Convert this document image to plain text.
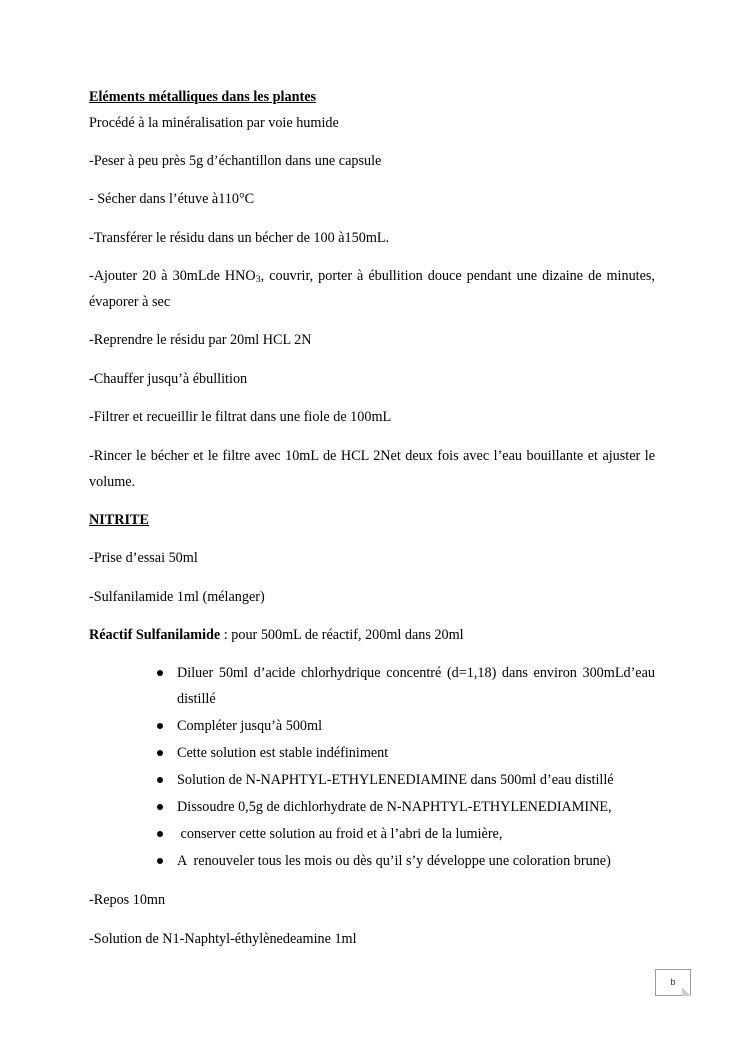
Eléments métalliques dans les plantes

Procédé à la minéralisation par voie humide

-Peser à peu près 5g d’échantillon dans une capsule

- Sécher dans l’étuve à110°C

-Transférer le résidu dans un bécher de 100 à150mL.

-Ajouter 20 à 30mLde $HNO_3$, couvrir, porter à ébullition douce pendant une dizaine de minutes, évaporer à sec

-Reprendre le résidu par 20ml HCL 2N

-Chauffer jusqu’à ébullition

-Filtrer et recueillir le filtrat dans une fiole de 100mL

-Rincer le bécher et le filtre avec 10mL de HCL 2Net deux fois avec l’eau bouillante et ajuster le volume.

NITRITE

-Prise d’essai 50ml

-Sulfanilamide 1ml (mélanger)

Réactif Sulfanilamide : pour 500mL de réactif, 200ml dans 20ml

Diluer 50ml d’acide chlorhydrique concentré (d=1,18) dans environ 300mLd’eau distillé
Compléter jusqu’à 500ml
Cette solution est stable indéfiniment
Solution de N-NAPHTYL-ETHYLENEDIAMINE dans 500ml d’eau distillé
Dissoudre 0,5g de dichlorhydrate de N-NAPHTYL-ETHYLENEDIAMINE,
conserver cette solution au froid et à l’abri de la lumière,
A  renouveler tous les mois ou dès qu’il s’y développe une coloration brune)

-Repos 10mn

-Solution de N1-Naphtyl-éthylènedeamine 1ml

b
